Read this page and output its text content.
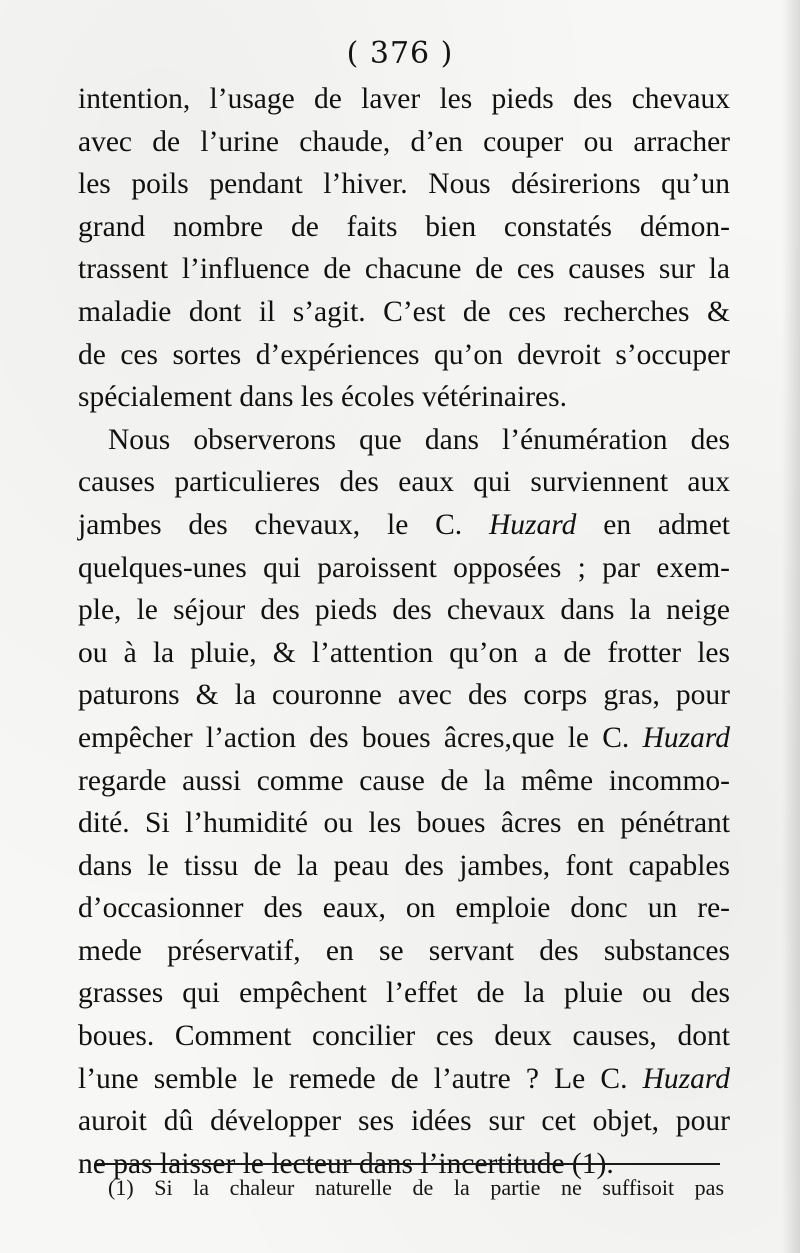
( 376 )
intention, l’usage de laver les pieds des chevaux
avec de l’urine chaude, d’en couper ou arracher
les poils pendant l’hiver. Nous désirerions qu’un
grand nombre de faits bien constatés démon-
trassent l’influence de chacune de ces causes sur la
maladie dont il s’agit. C’est de ces recherches &
de ces sortes d’expériences qu’on devroit s’occuper
spécialement dans les écoles vétérinaires.
Nous observerons que dans l’énumération des
causes particulieres des eaux qui surviennent aux
jambes des chevaux, le C. Huzard en admet
quelques-unes qui paroissent opposées ; par exem-
ple, le séjour des pieds des chevaux dans la neige
ou à la pluie, & l’attention qu’on a de frotter les
paturons & la couronne avec des corps gras, pour
empêcher l’action des boues âcres,que le C. Huzard
regarde aussi comme cause de la même incommo-
dité. Si l’humidité ou les boues âcres en pénétrant
dans le tissu de la peau des jambes, font capables
d’occasionner des eaux, on emploie donc un re-
mede préservatif, en se servant des substances
grasses qui empêchent l’effet de la pluie ou des
boues. Comment concilier ces deux causes, dont
l’une semble le remede de l’autre ? Le C. Huzard
auroit dû développer ses idées sur cet objet, pour
ne pas laisser le lecteur dans l’incertitude (1).
(1) Si la chaleur naturelle de la partie ne suffisoit pas
